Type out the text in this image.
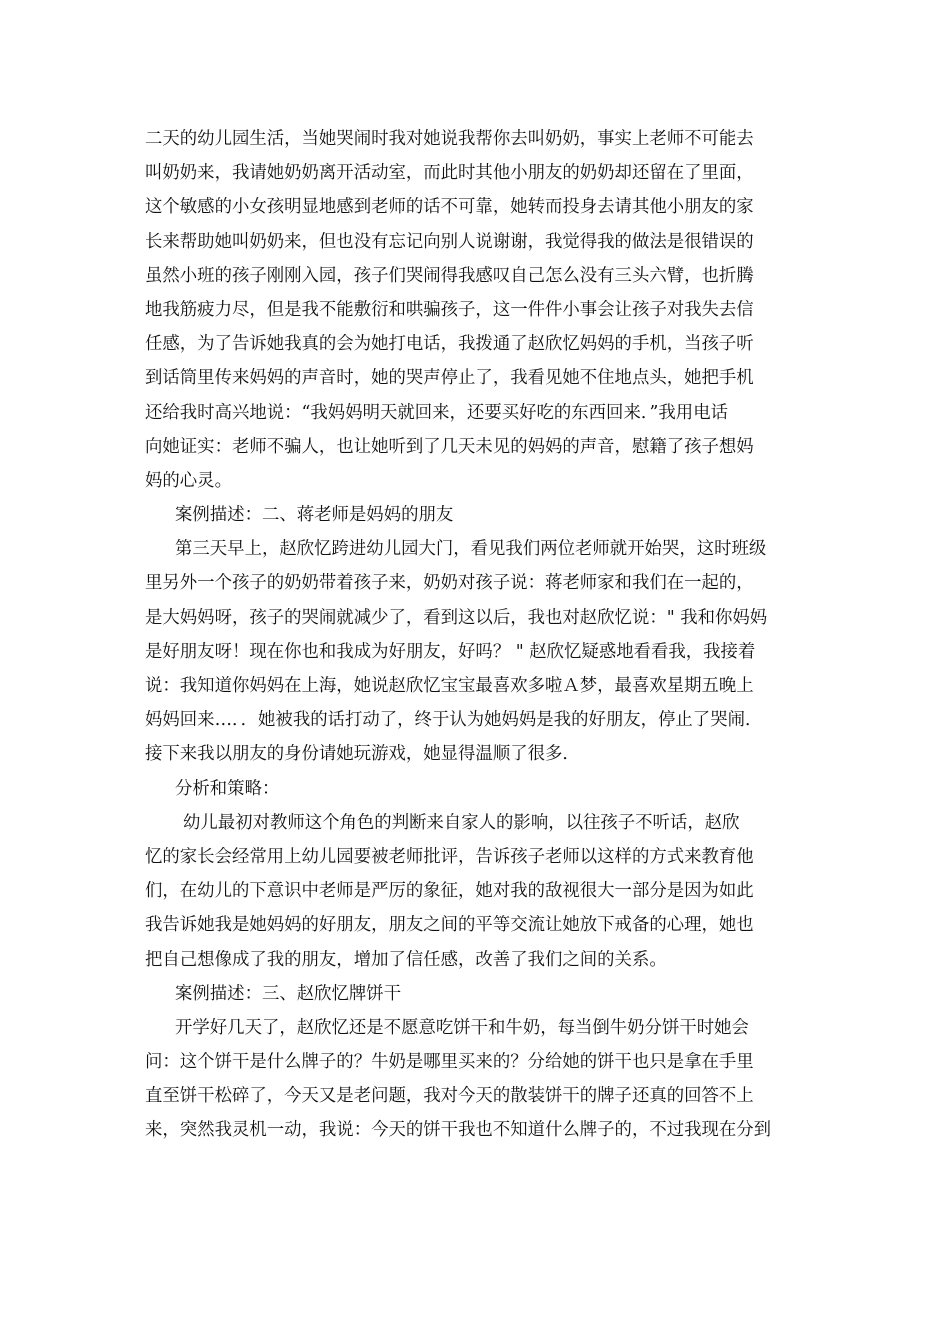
二天的幼儿园生活，当她哭闹时我对她说我帮你去叫奶奶，事实上老师不可能去
叫奶奶来，我请她奶奶离开活动室，而此时其他小朋友的奶奶却还留在了里面，
这个敏感的小女孩明显地感到老师的话不可靠，她转而投身去请其他小朋友的家
长来帮助她叫奶奶来，但也没有忘记向别人说谢谢，我觉得我的做法是很错误的
虽然小班的孩子刚刚入园，孩子们哭闹得我感叹自己怎么没有三头六臂，也折腾
地我筋疲力尽，但是我不能敷衍和哄骗孩子，这一件件小事会让孩子对我失去信
任感，为了告诉她我真的会为她打电话，我拨通了赵欣忆妈妈的手机，当孩子听
到话筒里传来妈妈的声音时，她的哭声停止了，我看见她不住地点头，她把手机
还给我时高兴地说：“我妈妈明天就回来，还要买好吃的东西回来．”我用电话
向她证实：老师不骗人，也让她听到了几天未见的妈妈的声音，慰籍了孩子想妈
妈的心灵。
案例描述：二、蒋老师是妈妈的朋友
第三天早上，赵欣忆跨进幼儿园大门，看见我们两位老师就开始哭，这时班级
里另外一个孩子的奶奶带着孩子来，奶奶对孩子说：蒋老师家和我们在一起的，
是大妈妈呀，孩子的哭闹就减少了，看到这以后，我也对赵欣忆说：" 我和你妈妈
是好朋友呀！现在你也和我成为好朋友，好吗？ " 赵欣忆疑惑地看看我，我接着
说：我知道你妈妈在上海，她说赵欣忆宝宝最喜欢多啦Ａ梦，最喜欢星期五晚上
妈妈回来…．．她被我的话打动了，终于认为她妈妈是我的好朋友，停止了哭闹．
接下来我以朋友的身份请她玩游戏，她显得温顺了很多．
分析和策略：
幼儿最初对教师这个角色的判断来自家人的影响，以往孩子不听话，赵欣
忆的家长会经常用上幼儿园要被老师批评，告诉孩子老师以这样的方式来教育他
们，在幼儿的下意识中老师是严厉的象征，她对我的敌视很大一部分是因为如此
我告诉她我是她妈妈的好朋友，朋友之间的平等交流让她放下戒备的心理，她也
把自己想像成了我的朋友，增加了信任感，改善了我们之间的关系。
案例描述：三、赵欣忆牌饼干
开学好几天了，赵欣忆还是不愿意吃饼干和牛奶，每当倒牛奶分饼干时她会
问：这个饼干是什么牌子的？牛奶是哪里买来的？分给她的饼干也只是拿在手里
直至饼干松碎了，今天又是老问题，我对今天的散装饼干的牌子还真的回答不上
来，突然我灵机一动，我说：今天的饼干我也不知道什么牌子的，不过我现在分到
